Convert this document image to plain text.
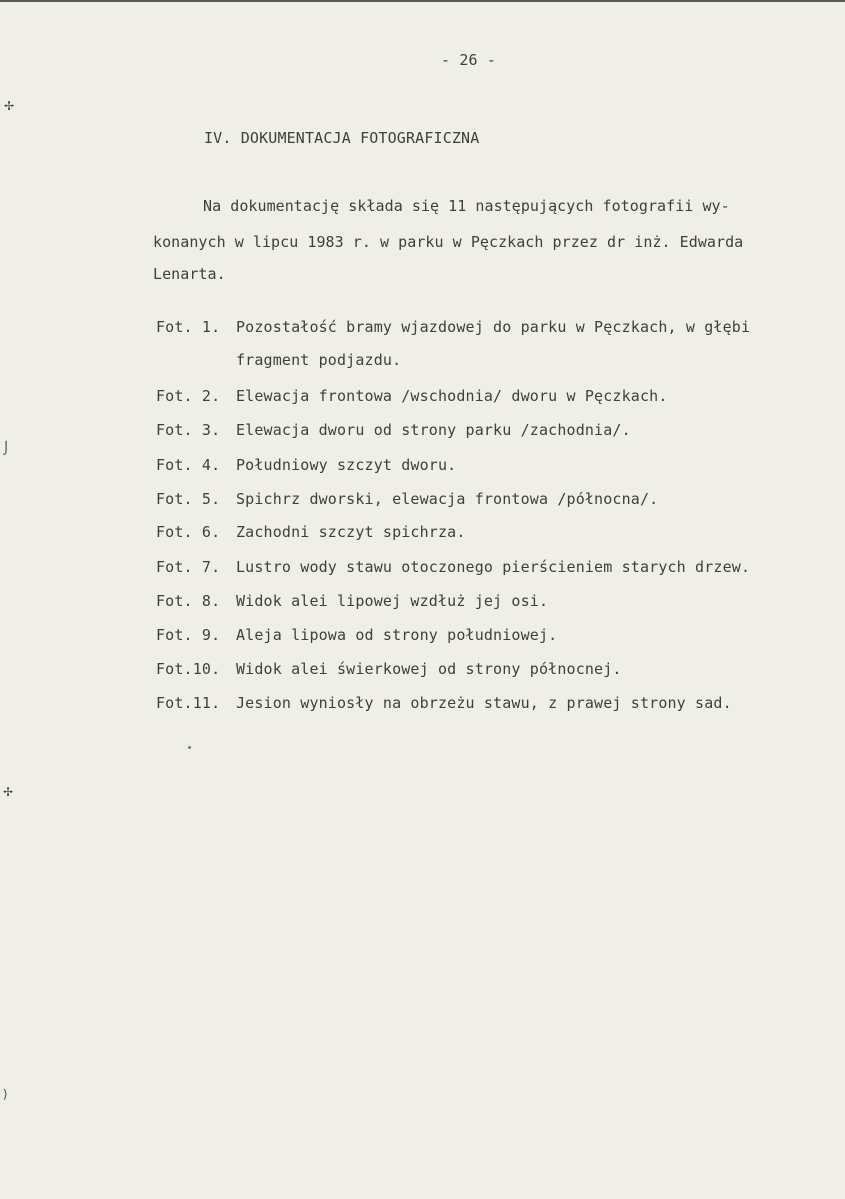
- 26 -
IV. DOKUMENTACJA FOTOGRAFICZNA
Na dokumentację składa się 11 następujących fotografii wy-
konanych w lipcu 1983 r. w parku w Pęczkach przez dr inż. Edwarda
Lenarta.
Fot. 1. Pozostałość bramy wjazdowej do parku w Pęczkach, w głębi
fragment podjazdu.
Fot. 2. Elewacja frontowa /wschodnia/ dworu w Pęczkach.
Fot. 3. Elewacja dworu od strony parku /zachodnia/.
Fot. 4. Południowy szczyt dworu.
Fot. 5. Spichrz dworski, elewacja frontowa /północna/.
Fot. 6. Zachodni szczyt spichrza.
Fot. 7. Lustro wody stawu otoczonego pierścieniem starych drzew.
Fot. 8. Widok alei lipowej wzdłuż jej osi.
Fot. 9. Aleja lipowa od strony południowej.
Fot.10. Widok alei świerkowej od strony północnej.
Fot.11. Jesion wyniosły na obrzeżu stawu, z prawej strony sad.
✢
⌡
✢
⟩
